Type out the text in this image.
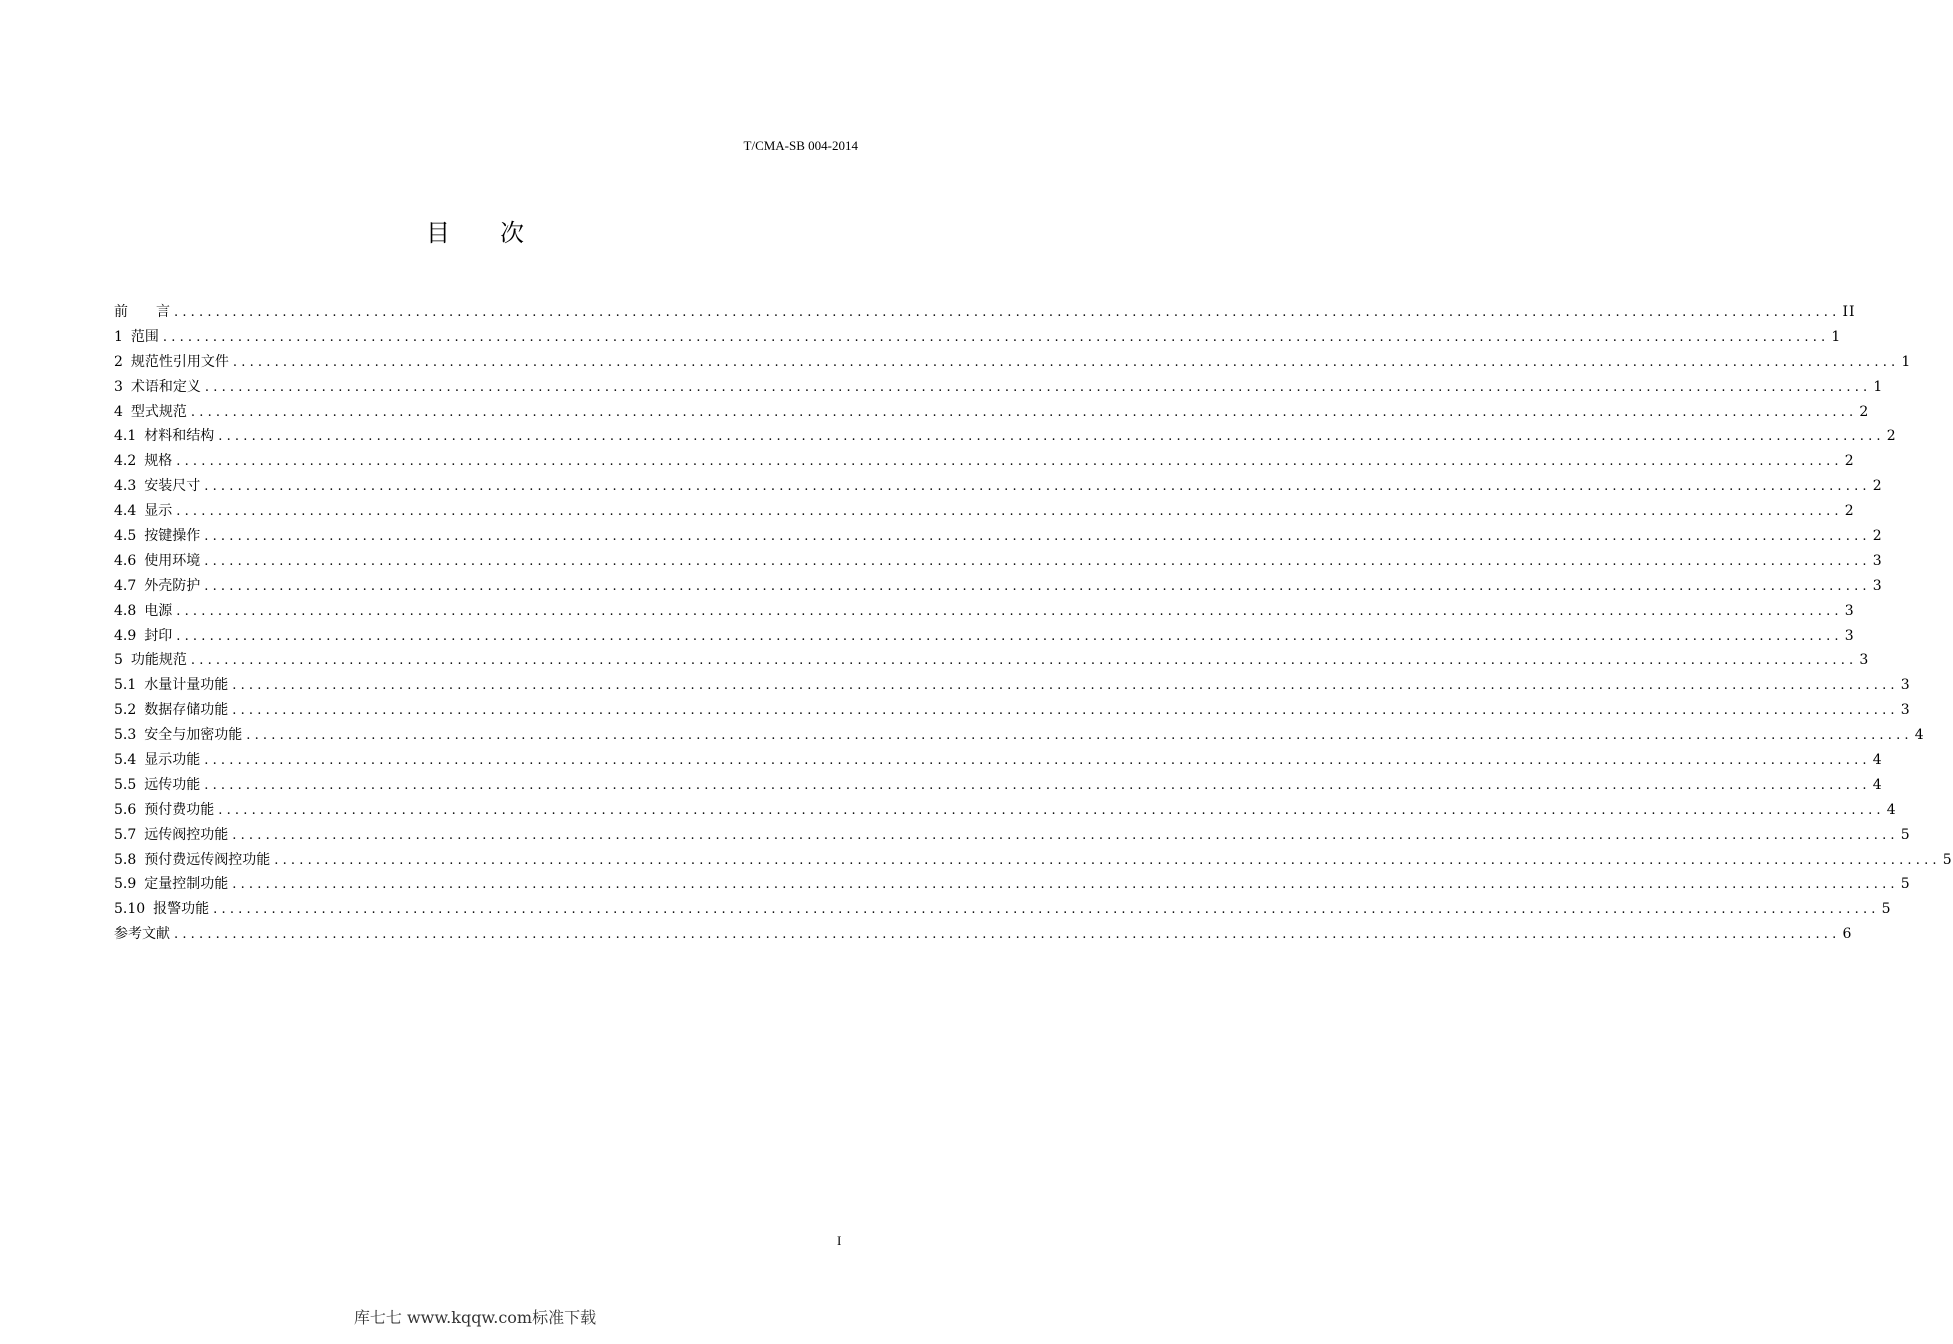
T/CMA-SB 004-2014
目 次
前　　言 ........................................................................................................................................................................................................ II
1 范围 ........................................................................................................................................................................................................ 1
2 规范性引用文件 ........................................................................................................................................................................................................ 1
3 术语和定义 ........................................................................................................................................................................................................ 1
4 型式规范 ........................................................................................................................................................................................................ 2
4.1 材料和结构 ........................................................................................................................................................................................................ 2
4.2 规格 ........................................................................................................................................................................................................ 2
4.3 安装尺寸 ........................................................................................................................................................................................................ 2
4.4 显示 ........................................................................................................................................................................................................ 2
4.5 按键操作 ........................................................................................................................................................................................................ 2
4.6 使用环境 ........................................................................................................................................................................................................ 3
4.7 外壳防护 ........................................................................................................................................................................................................ 3
4.8 电源 ........................................................................................................................................................................................................ 3
4.9 封印 ........................................................................................................................................................................................................ 3
5 功能规范 ........................................................................................................................................................................................................ 3
5.1 水量计量功能 ........................................................................................................................................................................................................ 3
5.2 数据存储功能 ........................................................................................................................................................................................................ 3
5.3 安全与加密功能 ........................................................................................................................................................................................................ 4
5.4 显示功能 ........................................................................................................................................................................................................ 4
5.5 远传功能 ........................................................................................................................................................................................................ 4
5.6 预付费功能 ........................................................................................................................................................................................................ 4
5.7 远传阀控功能 ........................................................................................................................................................................................................ 5
5.8 预付费远传阀控功能 ........................................................................................................................................................................................................ 5
5.9 定量控制功能 ........................................................................................................................................................................................................ 5
5.10 报警功能 ........................................................................................................................................................................................................ 5
参考文献 ........................................................................................................................................................................................................ 6
I
库七七 www.kqqw.com标准下载
